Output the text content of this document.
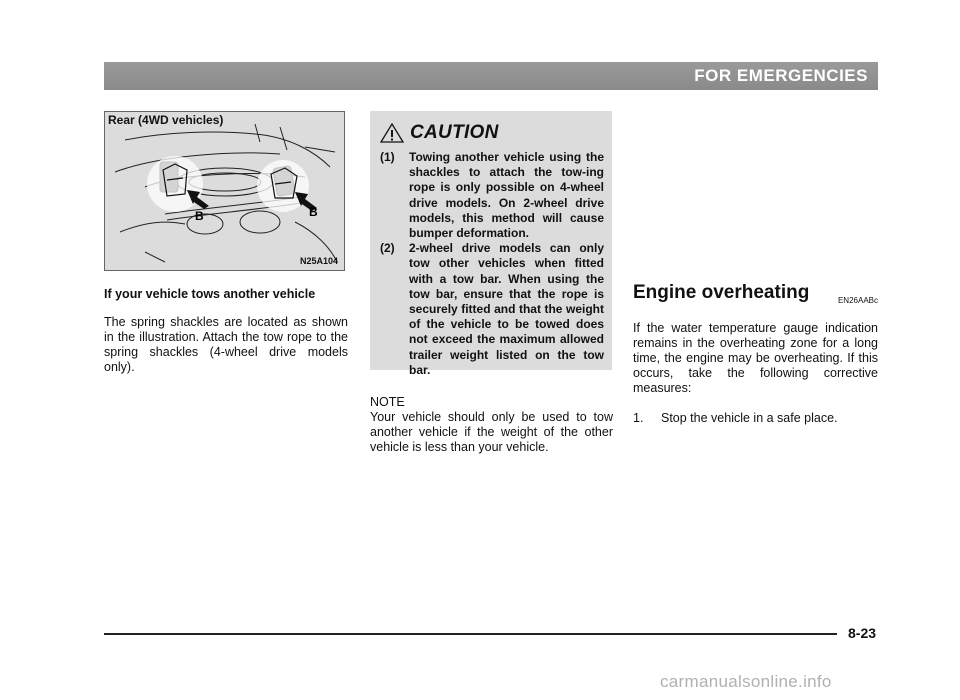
FOR EMERGENCIES
B	B
Rear (4WD vehicles)
N25A104
If your vehicle tows another vehicle

The spring shackles are located as shown in the illustration. Attach the tow rope to the spring shackles (4-wheel drive models only).

CAUTION
(1) Towing another vehicle using the shackles to attach the tow-ing rope is only possible on 4-wheel drive models. On 2-wheel drive models, this method will cause bumper deformation.
(2) 2-wheel drive models can only tow other vehicles when fitted with a tow bar. When using the tow bar, ensure that the rope is securely fitted and that the weight of the vehicle to be towed does not exceed the maximum allowed trailer weight listed on the tow bar.
NOTE

Your vehicle should only be used to tow another vehicle if the weight of the other vehicle is less than your vehicle.

Engine overheating	EN26AABc

If the water temperature gauge indication remains in the overheating zone for a long time, the engine may be overheating. If this occurs, take the following corrective measures:

1. Stop the vehicle in a safe place.
8-23
carmanualsonline.info
